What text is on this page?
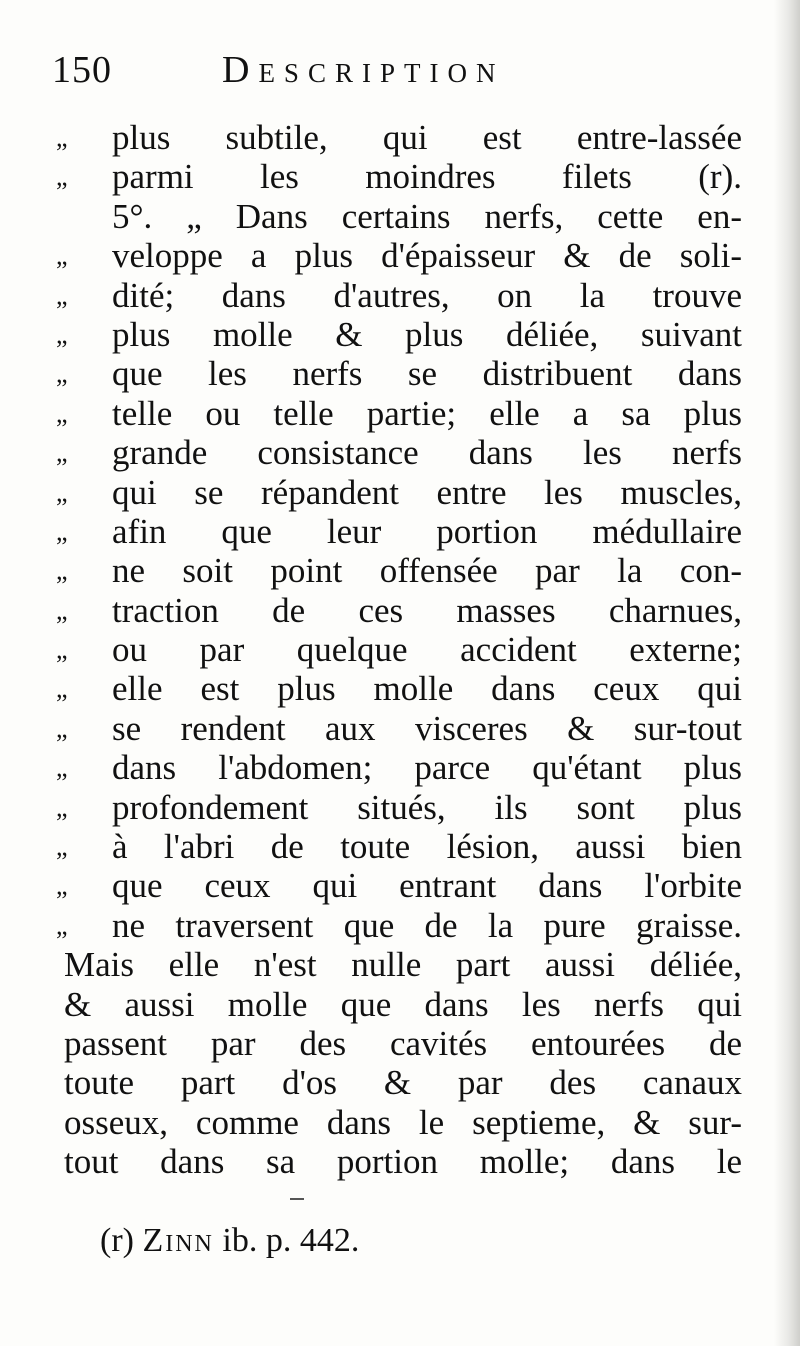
150	Description
„	plus subtile, qui est entre-lassée
„	parmi les moindres filets (r).
5°. „ Dans certains nerfs, cette en-
„	veloppe a plus d'épaisseur & de soli-
„	dité; dans d'autres, on la trouve
„	plus molle & plus déliée, suivant
„	que les nerfs se distribuent dans
„	telle ou telle partie; elle a sa plus
„	grande consistance dans les nerfs
„	qui se répandent entre les muscles,
„	afin que leur portion médullaire
„	ne soit point offensée par la con-
„	traction de ces masses charnues,
„	ou par quelque accident externe;
„	elle est plus molle dans ceux qui
„	se rendent aux visceres & sur-tout
„	dans l'abdomen; parce qu'étant plus
„	profondement situés, ils sont plus
„	à l'abri de toute lésion, aussi bien
„	que ceux qui entrant dans l'orbite
„	ne traversent que de la pure graisse.
Mais elle n'est nulle part aussi déliée,
& aussi molle que dans les nerfs qui
passent par des cavités entourées de
toute part d'os & par des canaux
osseux, comme dans le septieme, & sur-
tout dans sa portion molle; dans le
(r) Zinn ib. p. 442.
